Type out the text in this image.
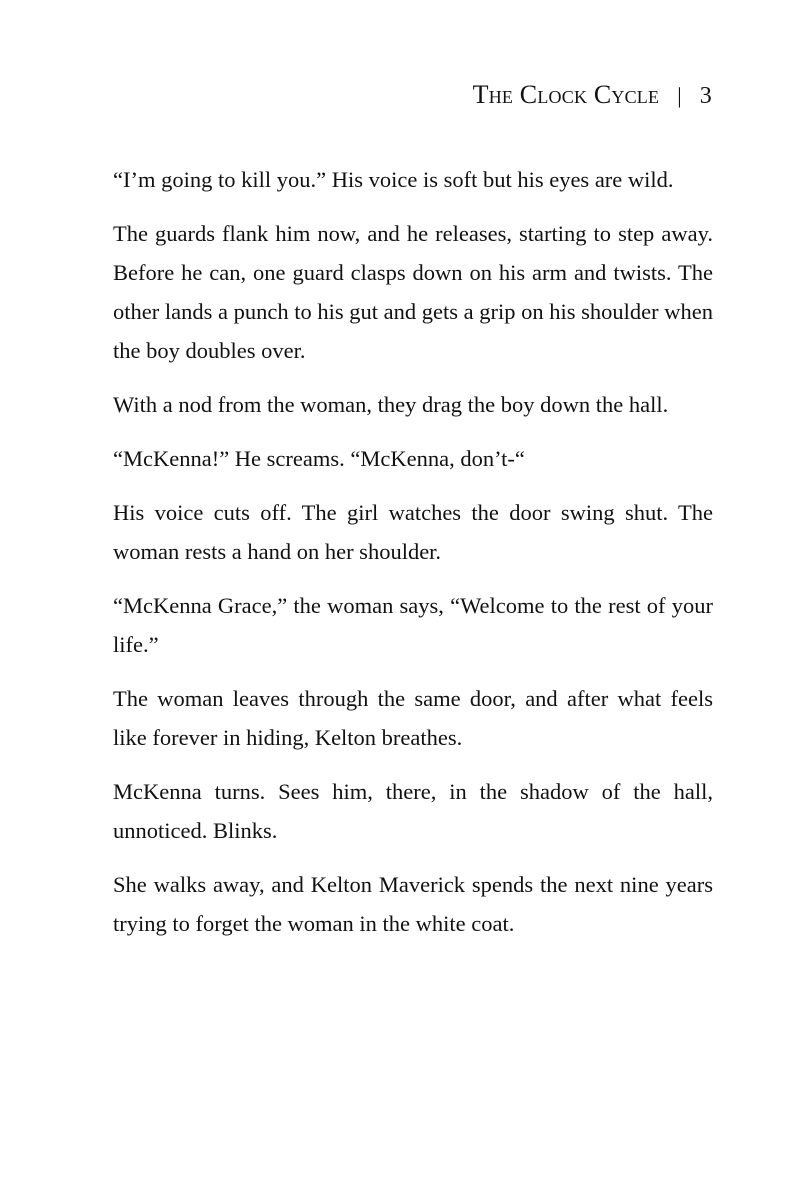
The Clock Cycle | 3

“I’m going to kill you.” His voice is soft but his eyes are wild.

The guards flank him now, and he releases, starting to step away. Before he can, one guard clasps down on his arm and twists. The other lands a punch to his gut and gets a grip on his shoulder when the boy doubles over.

With a nod from the woman, they drag the boy down the hall.

“McKenna!” He screams. “McKenna, don’t-“

His voice cuts off. The girl watches the door swing shut. The woman rests a hand on her shoulder.

“McKenna Grace,” the woman says, “Welcome to the rest of your life.”

The woman leaves through the same door, and after what feels like forever in hiding, Kelton breathes.

McKenna turns. Sees him, there, in the shadow of the hall, unnoticed. Blinks.

She walks away, and Kelton Maverick spends the next nine years trying to forget the woman in the white coat.
